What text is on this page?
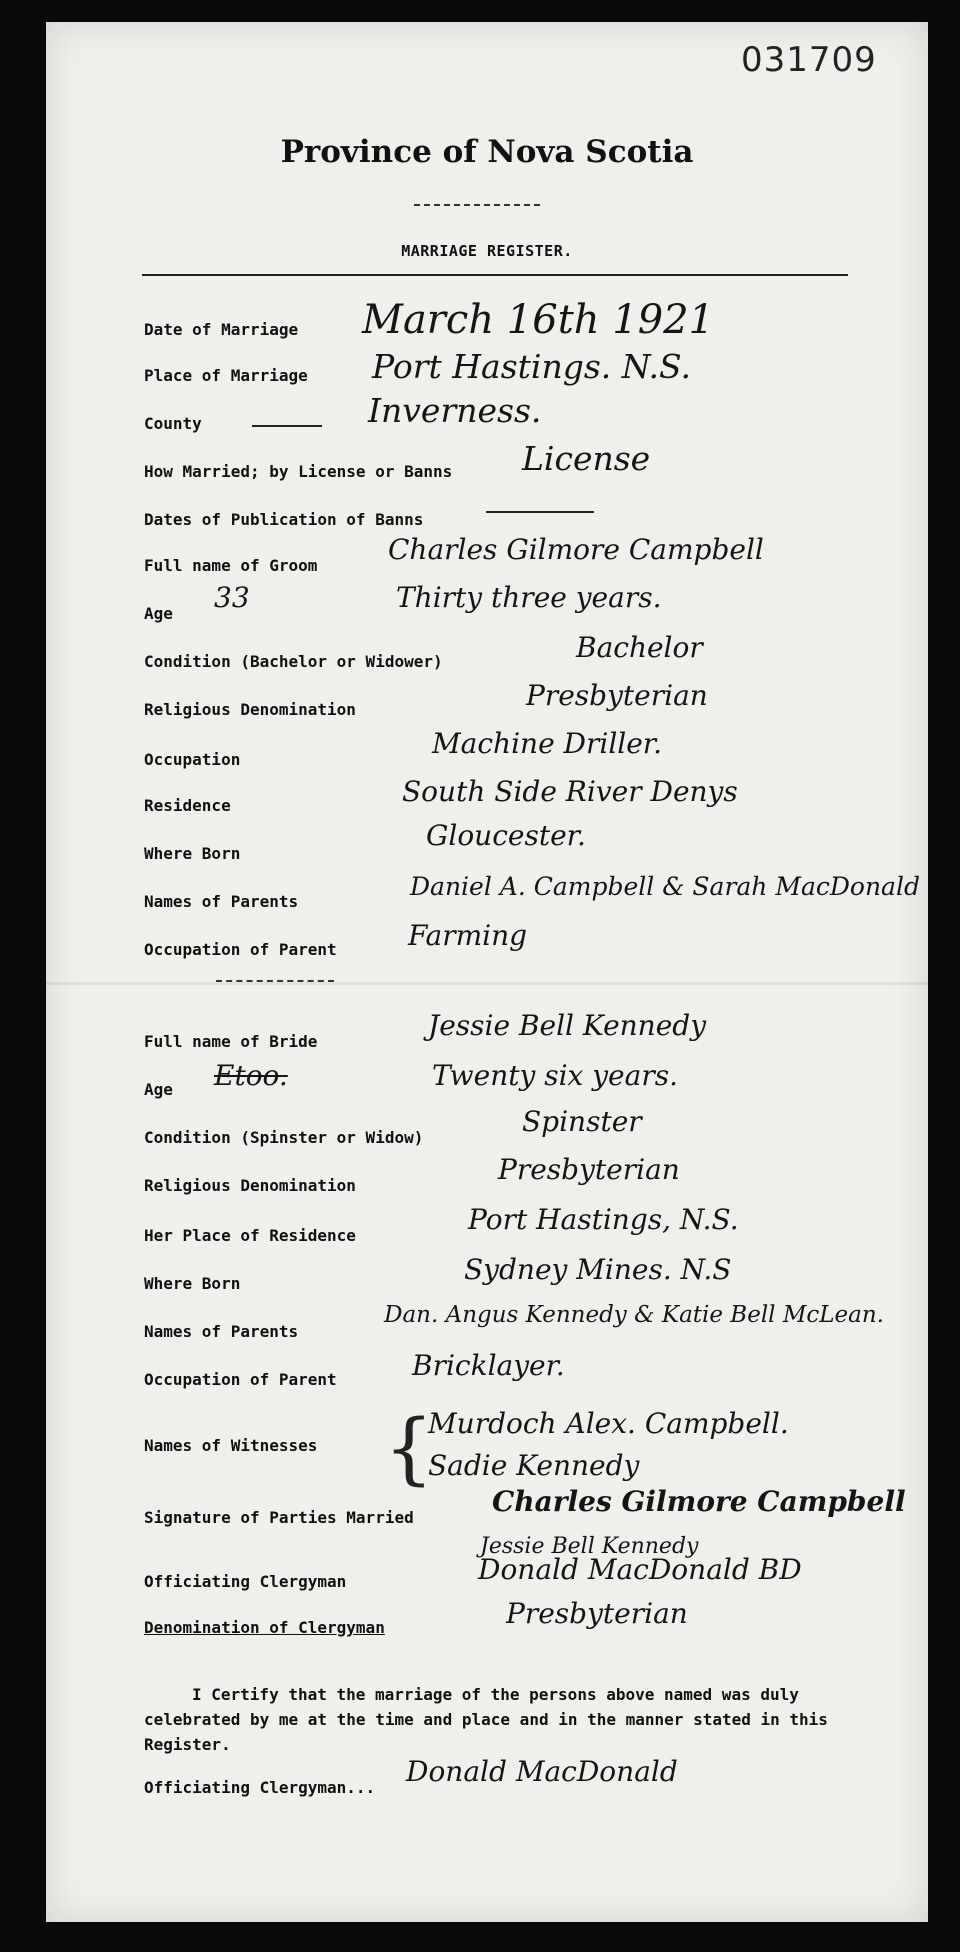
031709
Province of Nova Scotia
MARRIAGE REGISTER.
Date of Marriage March 16th 1921
Place of Marriage Port Hastings. N.S.
County	Inverness.
How Married; by License or Banns License
Dates of Publication of Banns
Full name of Groom	Charles Gilmore Campbell
Age 33	Thirty three years.
Condition (Bachelor or Widower)	Bachelor
Religious Denomination	Presbyterian
Occupation	Machine Driller.
Residence	South Side River Denys
Where Born
Gloucester.
Names of Parents
Daniel A. Campbell & Sarah MacDonald
Occupation of Parent	Farming
Full name of Bride	Jessie Bell Kennedy
Age Etoo.	Twenty six years.
Condition (Spinster or Widow)	Spinster
Religious Denomination	Presbyterian
Her Place of Residence	Port Hastings, N.S.
Where Born	Sydney Mines. N.S
Names of Parents
Dan. Angus Kennedy & Katie Bell McLean.
Occupation of Parent	Bricklayer.
Names of Witnesses {
Murdoch Alex. Campbell.
Sadie Kennedy
Signature of Parties Married	Charles Gilmore Campbell
Jessie Bell Kennedy
Officiating Clergyman	Donald MacDonald BD
Denomination of Clergyman	Presbyterian
I Certify that the marriage of the persons above named was duly celebrated by me at the time and place and in the manner stated in this Register.
Officiating Clergyman... Donald MacDonald
